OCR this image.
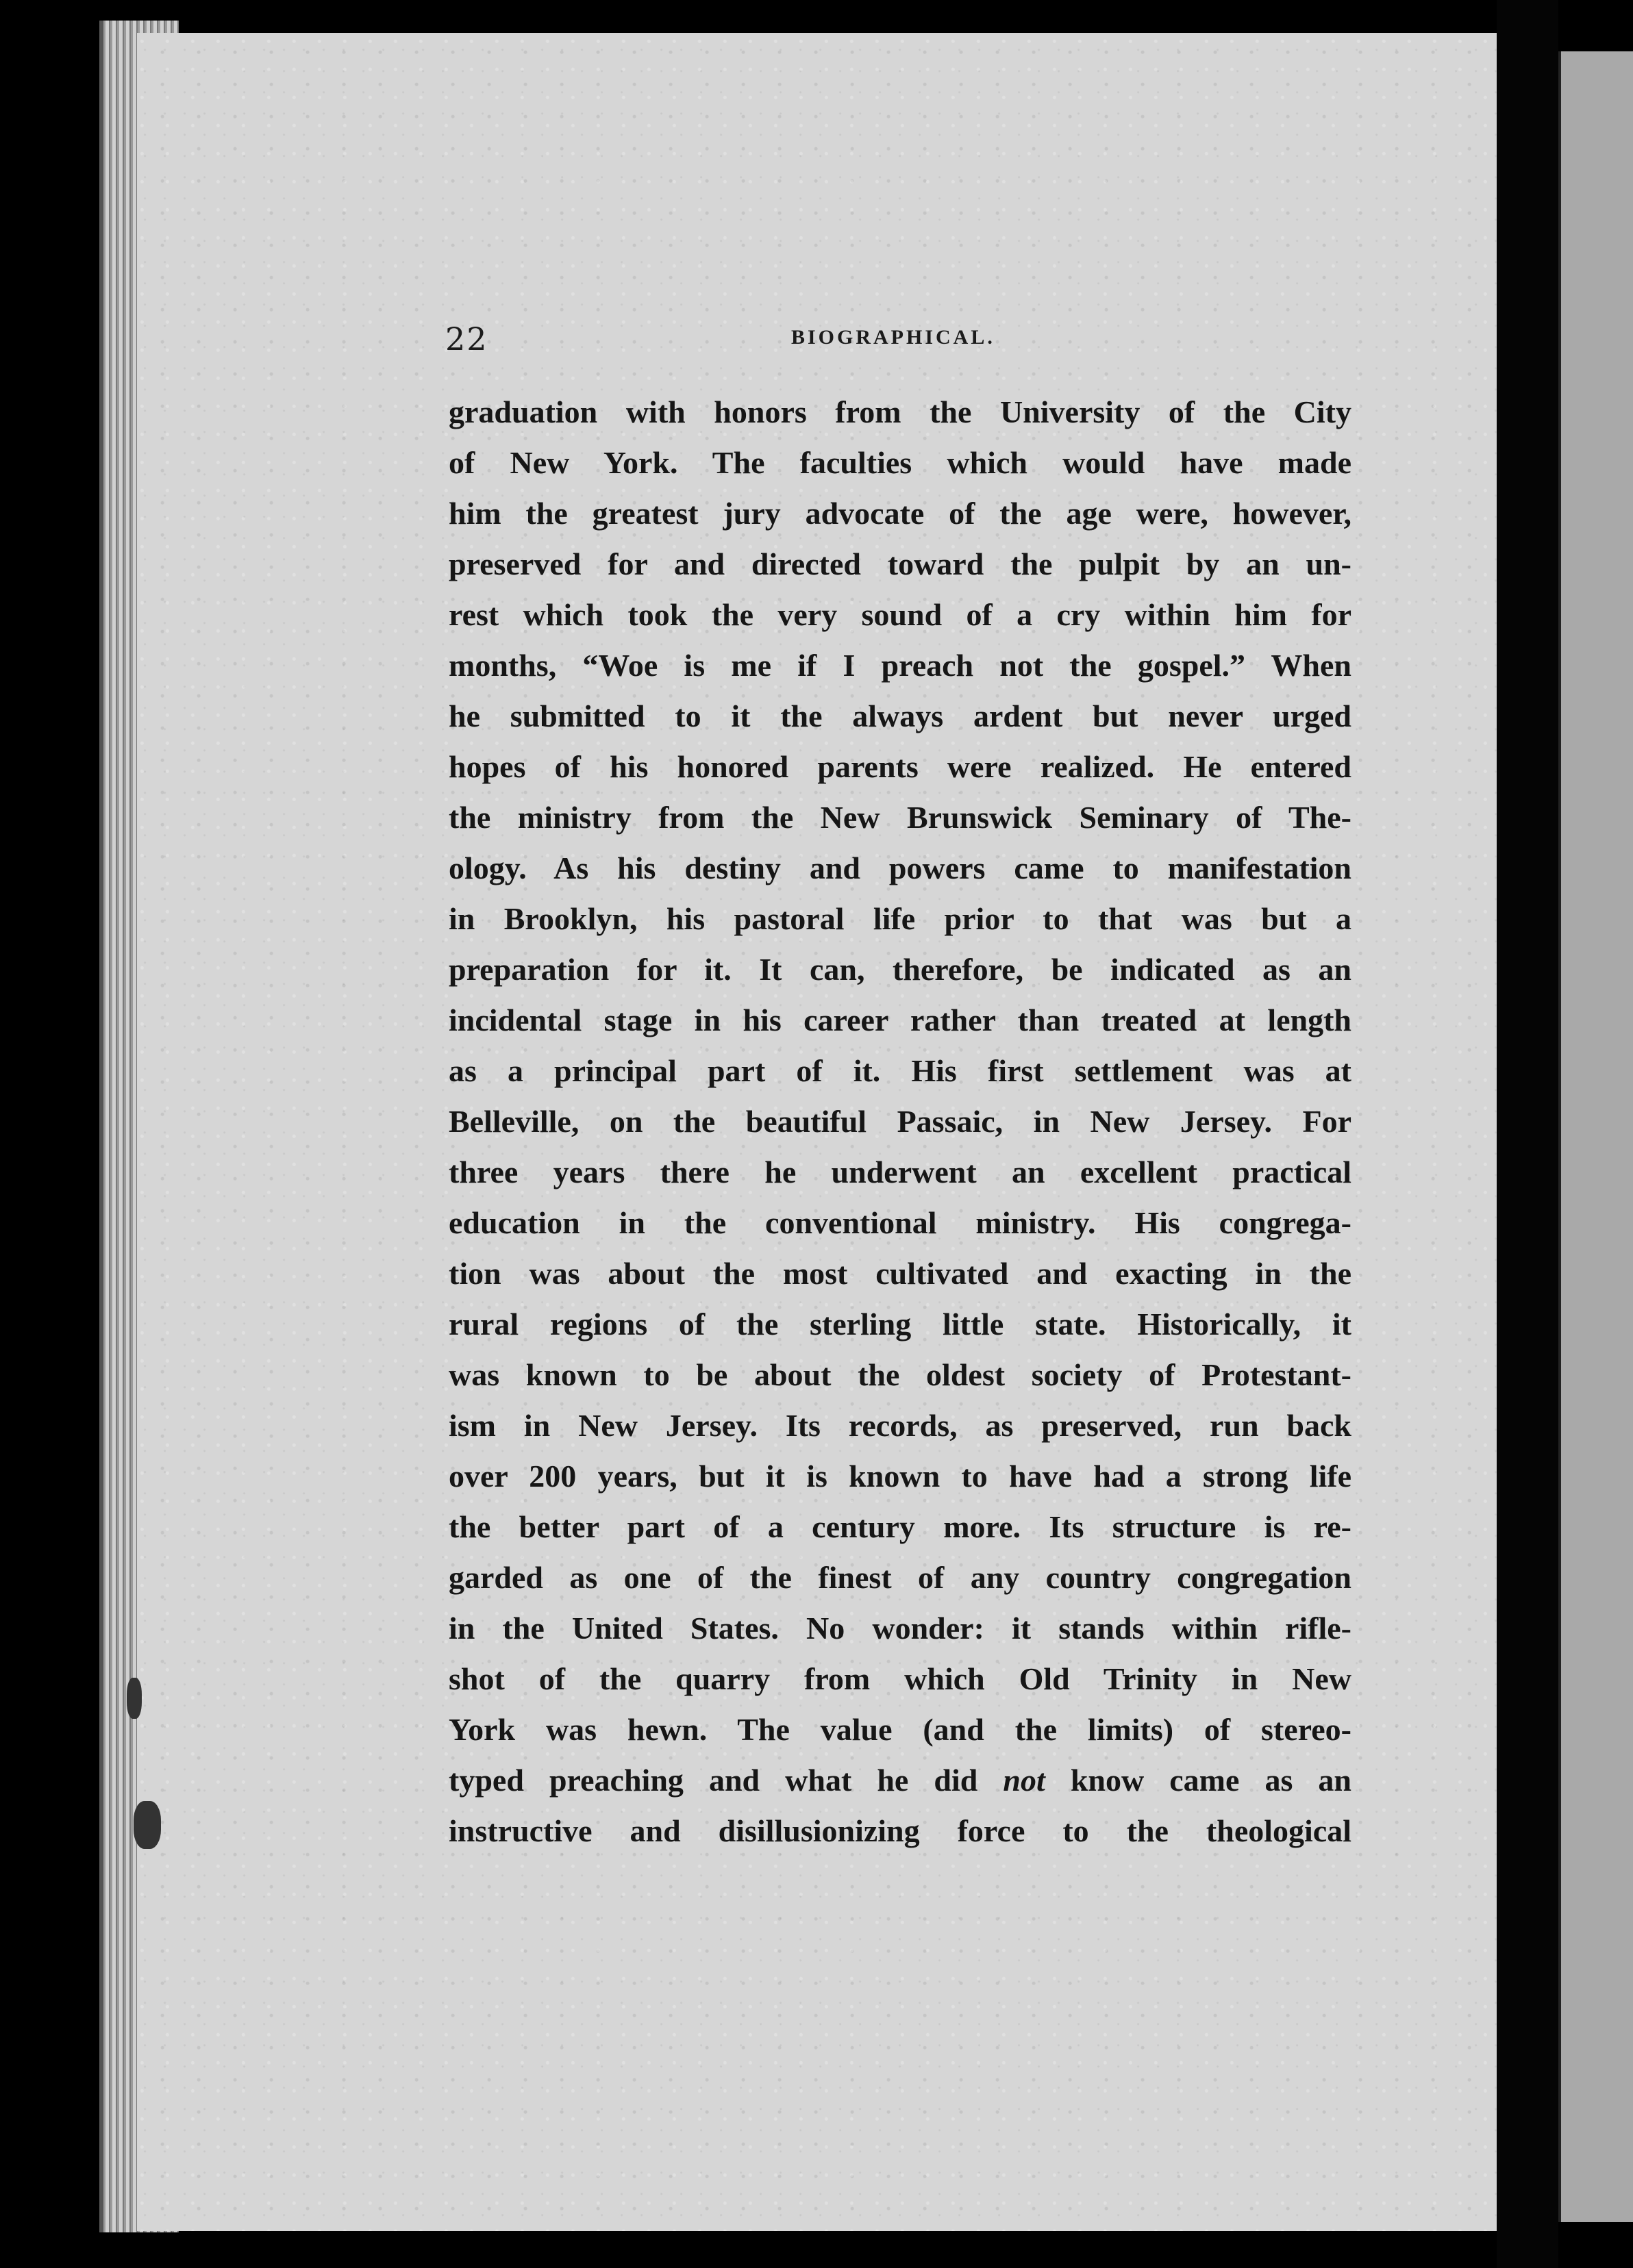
22	BIOGRAPHICAL.
graduation with honors from the University of the City
of New York. The faculties which would have made
him the greatest jury advocate of the age were, however,
preserved for and directed toward the pulpit by an un-
rest which took the very sound of a cry within him for
months, “Woe is me if I preach not the gospel.” When
he submitted to it the always ardent but never urged
hopes of his honored parents were realized. He entered
the ministry from the New Brunswick Seminary of The-
ology. As his destiny and powers came to manifestation
in Brooklyn, his pastoral life prior to that was but a
preparation for it. It can, therefore, be indicated as an
incidental stage in his career rather than treated at length
as a principal part of it. His first settlement was at
Belleville, on the beautiful Passaic, in New Jersey. For
three years there he underwent an excellent practical
education in the conventional ministry. His congrega-
tion was about the most cultivated and exacting in the
rural regions of the sterling little state. Historically, it
was known to be about the oldest society of Protestant-
ism in New Jersey. Its records, as preserved, run back
over 200 years, but it is known to have had a strong life
the better part of a century more. Its structure is re-
garded as one of the finest of any country congregation
in the United States. No wonder: it stands within rifle-
shot of the quarry from which Old Trinity in New
York was hewn. The value (and the limits) of stereo-
typed preaching and what he did not know came as an
instructive and disillusionizing force to the theological
